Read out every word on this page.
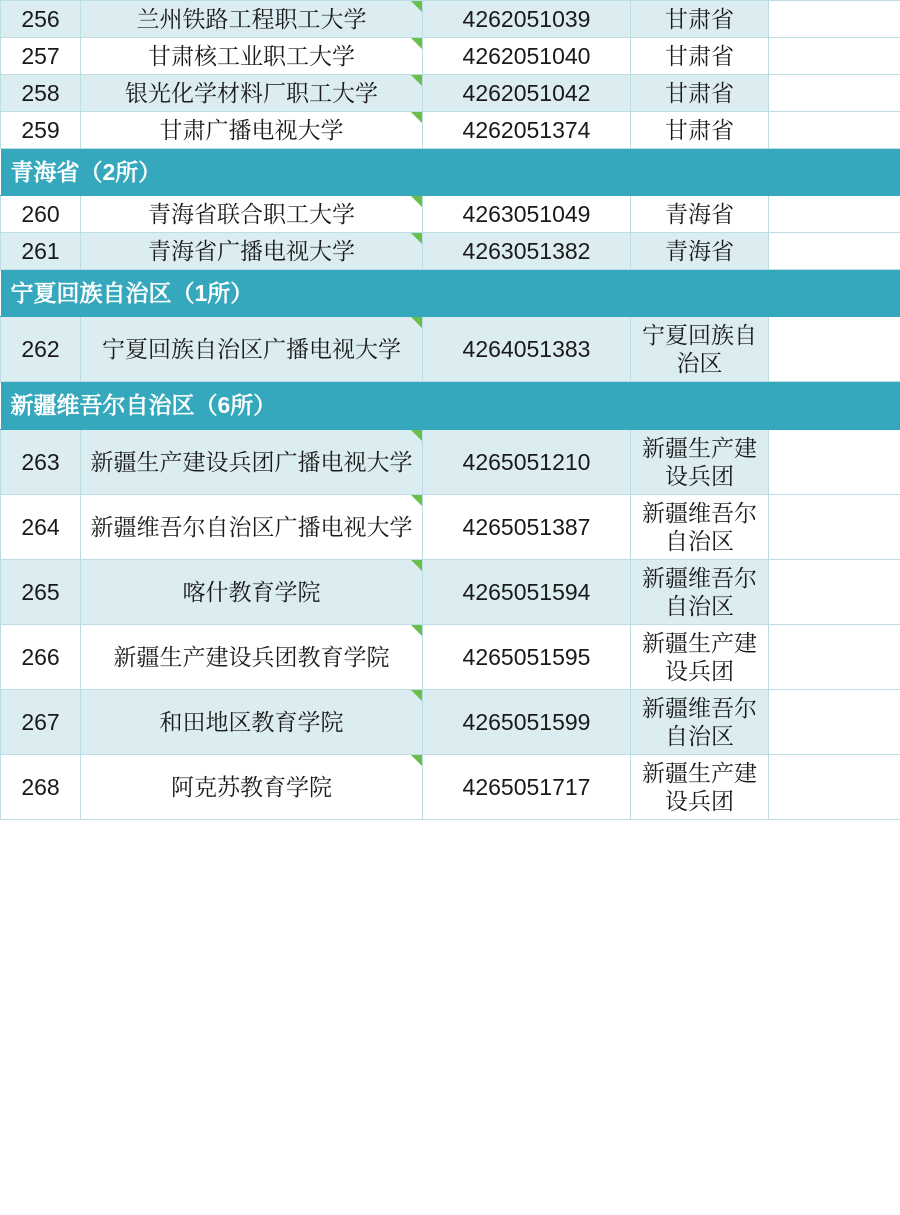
256	兰州铁路工程职工大学	4262051039	甘肃省	
257	甘肃核工业职工大学	4262051040	甘肃省	
258	银光化学材料厂职工大学	4262051042	甘肃省	
259	甘肃广播电视大学	4262051374	甘肃省	
青海省（2所）				
260	青海省联合职工大学	4263051049	青海省	
261	青海省广播电视大学	4263051382	青海省	
宁夏回族自治区（1所）				
262	宁夏回族自治区广播电视大学	4264051383	宁夏回族自治区	
新疆维吾尔自治区（6所）				
263	新疆生产建设兵团广播电视大学	4265051210	新疆生产建设兵团	
264	新疆维吾尔自治区广播电视大学	4265051387	新疆维吾尔自治区	
265	喀什教育学院	4265051594	新疆维吾尔自治区	
266	新疆生产建设兵团教育学院	4265051595	新疆生产建设兵团	
267	和田地区教育学院	4265051599	新疆维吾尔自治区	
268	阿克苏教育学院	4265051717	新疆生产建设兵团	
